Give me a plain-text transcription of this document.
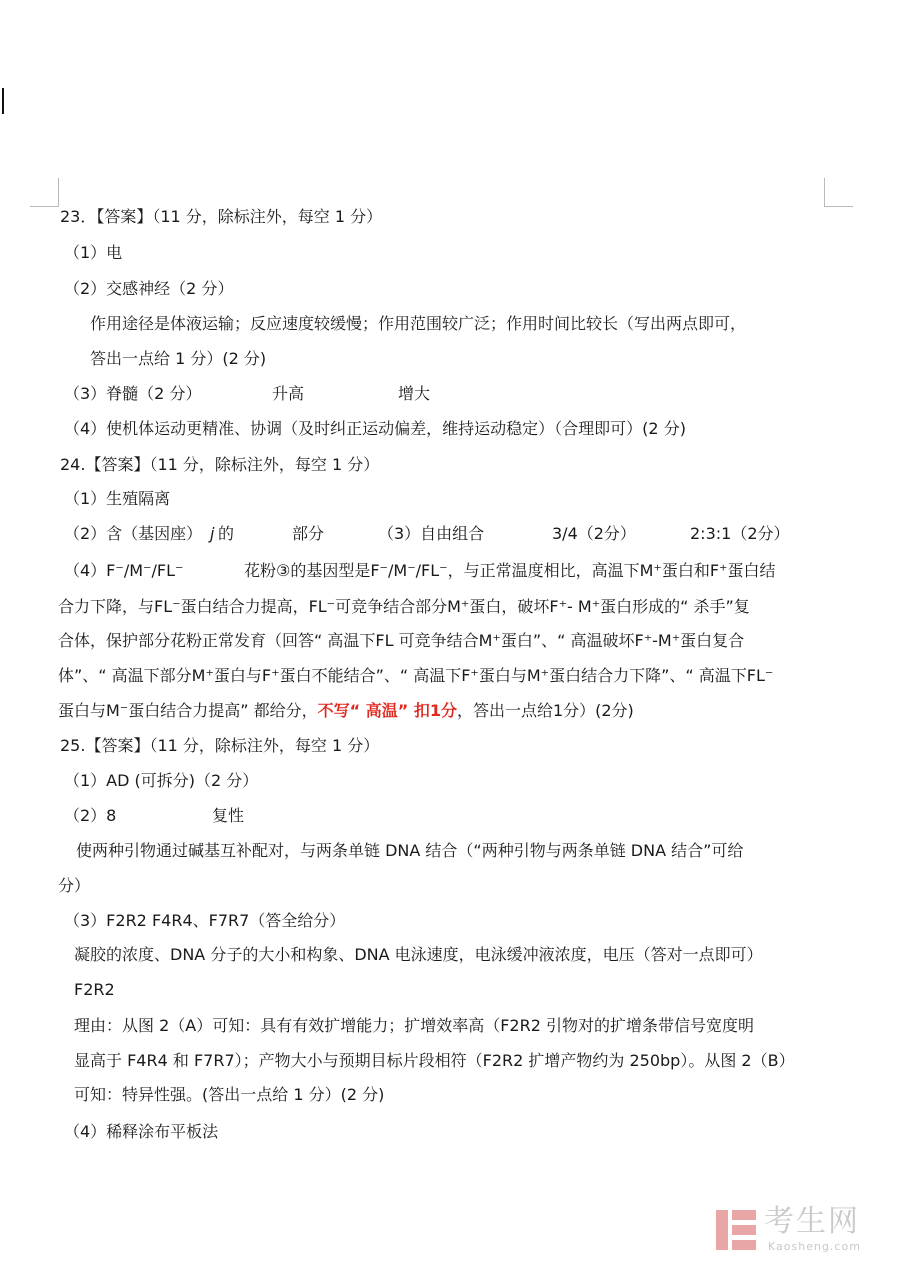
23．【答案】（11 分，除标注外，每空 1 分）
（1）电
（2）交感神经（2 分）
作用途径是体液运输；反应速度较缓慢；作用范围较广泛；作用时间比较长（写出两点即可，
答出一点给 1 分）(2 分)
（3）脊髓（2 分）	升高	增大
（4）使机体运动更精准、协调（及时纠正运动偏差，维持运动稳定）（合理即可）(2 分)
24.【答案】（11 分，除标注外，每空 1 分）
（1）生殖隔离
（2）含（基因座） j 的	部分	（3）自由组合	3/4（2分）	2:3:1（2分）
（4）F⁻/M⁻/FL⁻	花粉③的基因型是F⁻/M⁻/FL⁻，与正常温度相比，高温下M⁺蛋白和F⁺蛋白结
合力下降，与FL⁻蛋白结合力提高，FL⁻可竞争结合部分M⁺蛋白，破坏F⁺- M⁺蛋白形成的“ 杀手”复
合体，保护部分花粉正常发育（回答“ 高温下FL 可竞争结合M⁺蛋白”、“ 高温破坏F⁺-M⁺蛋白复合
体”、“ 高温下部分M⁺蛋白与F⁺蛋白不能结合”、“ 高温下F⁺蛋白与M⁺蛋白结合力下降”、“ 高温下FL⁻
蛋白与M⁻蛋白结合力提高” 都给分，不写“ 高温” 扣1分，答出一点给1分）(2分)
25.【答案】（11 分，除标注外，每空 1 分）
（1）AD (可拆分)（2 分）
（2）8	复性
使两种引物通过碱基互补配对，与两条单链 DNA 结合（“两种引物与两条单链 DNA 结合”可给
分）
（3）F2R2 F4R4、F7R7（答全给分）
凝胶的浓度、DNA 分子的大小和构象、DNA 电泳速度，电泳缓冲液浓度，电压（答对一点即可）
F2R2
理由：从图 2（A）可知：具有有效扩增能力；扩增效率高（F2R2 引物对的扩增条带信号宽度明
显高于 F4R4 和 F7R7）；产物大小与预期目标片段相符（F2R2 扩增产物约为 250bp）。从图 2（B）
可知：特异性强。(答出一点给 1 分）(2 分)
（4）稀释涂布平板法
考生网
Kaosheng.com
